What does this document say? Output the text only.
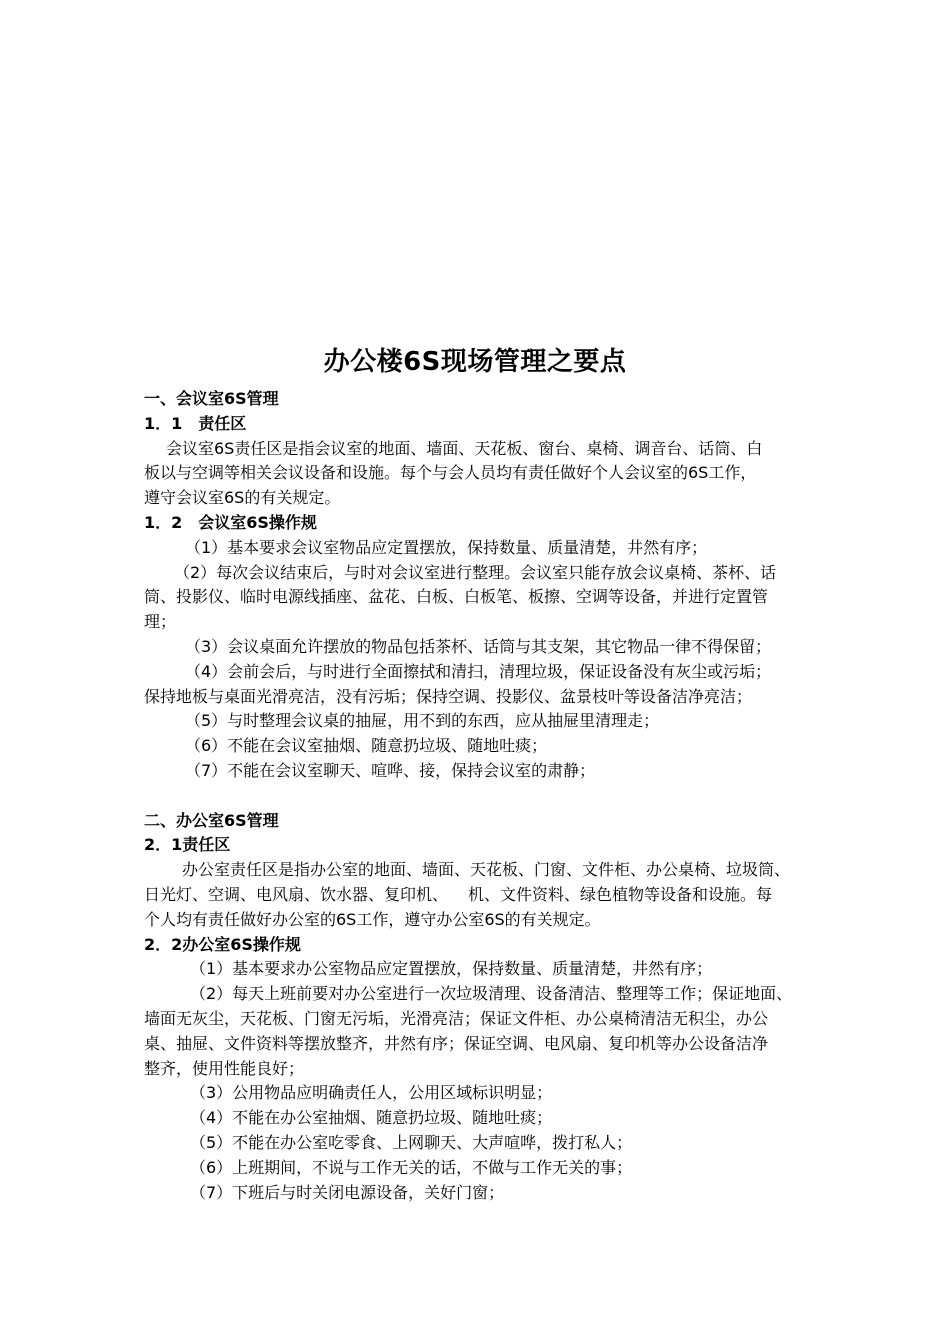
办公楼6S现场管理之要点
一、会议室6S管理
1．1　责任区
会议室6S责任区是指会议室的地面、墙面、天花板、窗台、桌椅、调音台、话筒、白
板以与空调等相关会议设备和设施。每个与会人员均有责任做好个人会议室的6S工作，
遵守会议室6S的有关规定。
1．2　会议室6S操作规
（1）基本要求会议室物品应定置摆放，保持数量、质量清楚，井然有序；
（2）每次会议结束后，与时对会议室进行整理。会议室只能存放会议桌椅、茶杯、话
筒、投影仪、临时电源线插座、盆花、白板、白板笔、板擦、空调等设备，并进行定置管
理；
（3）会议桌面允许摆放的物品包括茶杯、话筒与其支架，其它物品一律不得保留；
（4）会前会后，与时进行全面擦拭和清扫，清理垃圾，保证设备没有灰尘或污垢；
保持地板与桌面光滑亮洁，没有污垢；保持空调、投影仪、盆景枝叶等设备洁净亮洁；
（5）与时整理会议桌的抽屉，用不到的东西，应从抽屉里清理走；
（6）不能在会议室抽烟、随意扔垃圾、随地吐痰；
（7）不能在会议室聊天、喧哗、接，保持会议室的肃静；
二、办公室6S管理
2．1责任区
办公室责任区是指办公室的地面、墙面、天花板、门窗、文件柜、办公桌椅、垃圾筒、
日光灯、空调、电风扇、饮水器、复印机、 机、文件资料、绿色植物等设备和设施。每
个人均有责任做好办公室的6S工作，遵守办公室6S的有关规定。
2．2办公室6S操作规
（1）基本要求办公室物品应定置摆放，保持数量、质量清楚，井然有序；
（2）每天上班前要对办公室进行一次垃圾清理、设备清洁、整理等工作；保证地面、
墙面无灰尘，天花板、门窗无污垢，光滑亮洁；保证文件柜、办公桌椅清洁无积尘，办公
桌、抽屉、文件资料等摆放整齐，井然有序；保证空调、电风扇、复印机等办公设备洁净
整齐，使用性能良好；
（3）公用物品应明确责任人，公用区域标识明显；
（4）不能在办公室抽烟、随意扔垃圾、随地吐痰；
（5）不能在办公室吃零食、上网聊天、大声喧哗，拨打私人；
（6）上班期间，不说与工作无关的话，不做与工作无关的事；
（7）下班后与时关闭电源设备，关好门窗；
